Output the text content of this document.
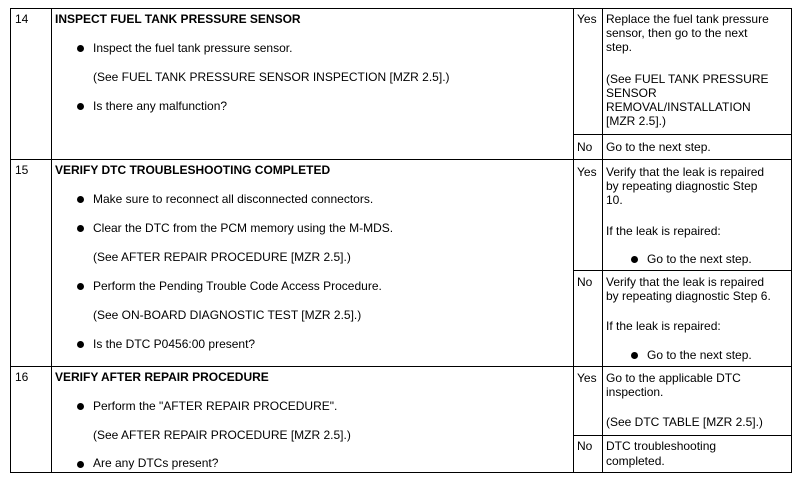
14 INSPECT FUEL TANK PRESSURE SENSOR
Inspect the fuel tank pressure sensor.
(See FUEL TANK PRESSURE SENSOR INSPECTION [MZR 2.5].)
Is there any malfunction?
Yes Replace the fuel tank pressure
sensor, then go to the next
step.
(See FUEL TANK PRESSURE
SENSOR
REMOVAL/INSTALLATION
[MZR 2.5].)
No Go to the next step.
15 VERIFY DTC TROUBLESHOOTING COMPLETED
Make sure to reconnect all disconnected connectors.
Clear the DTC from the PCM memory using the M-MDS.
(See AFTER REPAIR PROCEDURE [MZR 2.5].)
Perform the Pending Trouble Code Access Procedure.
(See ON-BOARD DIAGNOSTIC TEST [MZR 2.5].)
Is the DTC P0456:00 present?
Yes Verify that the leak is repaired
by repeating diagnostic Step
10.
If the leak is repaired:
Go to the next step.
No Verify that the leak is repaired
by repeating diagnostic Step 6.
If the leak is repaired:
Go to the next step.
16 VERIFY AFTER REPAIR PROCEDURE
Perform the "AFTER REPAIR PROCEDURE".
(See AFTER REPAIR PROCEDURE [MZR 2.5].)
Are any DTCs present?
Yes Go to the applicable DTC
inspection.
(See DTC TABLE [MZR 2.5].)
No DTC troubleshooting
completed.
